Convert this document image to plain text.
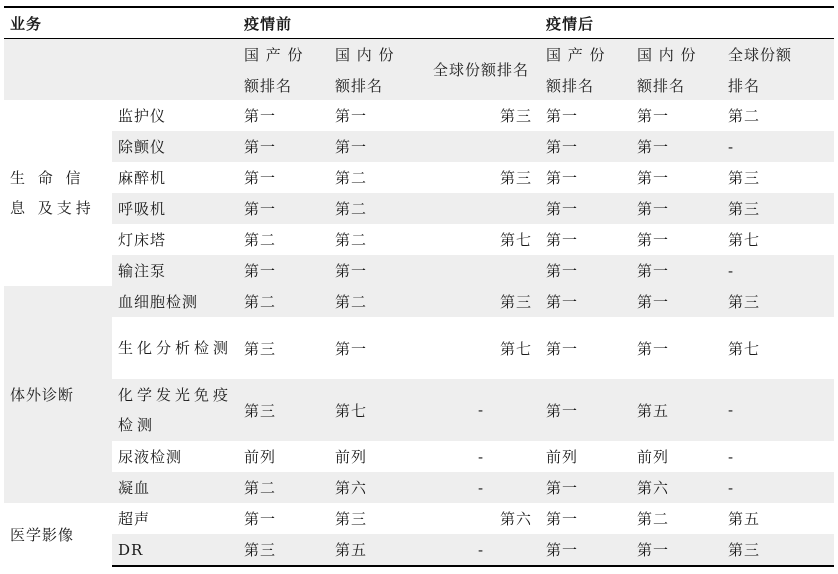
业务		疫情前			疫情后		
		国 产 份	国 内 份	全球份额排名	国 产 份	国 内 份	全球份额
		额排名	额排名		额排名	额排名	排名
生 命 信 息 及支持	监护仪	第一	第一	第三	第一	第一	第二
	除颤仪	第一	第一		第一	第一	-
	麻醉机	第一	第二	第三	第一	第一	第三
	呼吸机	第一	第二		第一	第一	第三
	灯床塔	第二	第二	第七	第一	第一	第七
	输注泵	第一	第一		第一	第一	-
体外诊断	血细胞检测	第二	第二	第三	第一	第一	第三
	生化分析检测	第三	第一	第七	第一	第一	第七
	化学发光免疫检测	第三	第七	-	第一	第五	-
	尿液检测	前列	前列	-	前列	前列	-
	凝血	第二	第六	-	第一	第六	-
医学影像	超声	第一	第三	第六	第一	第二	第五
	DR	第三	第五	-	第一	第一	第三
